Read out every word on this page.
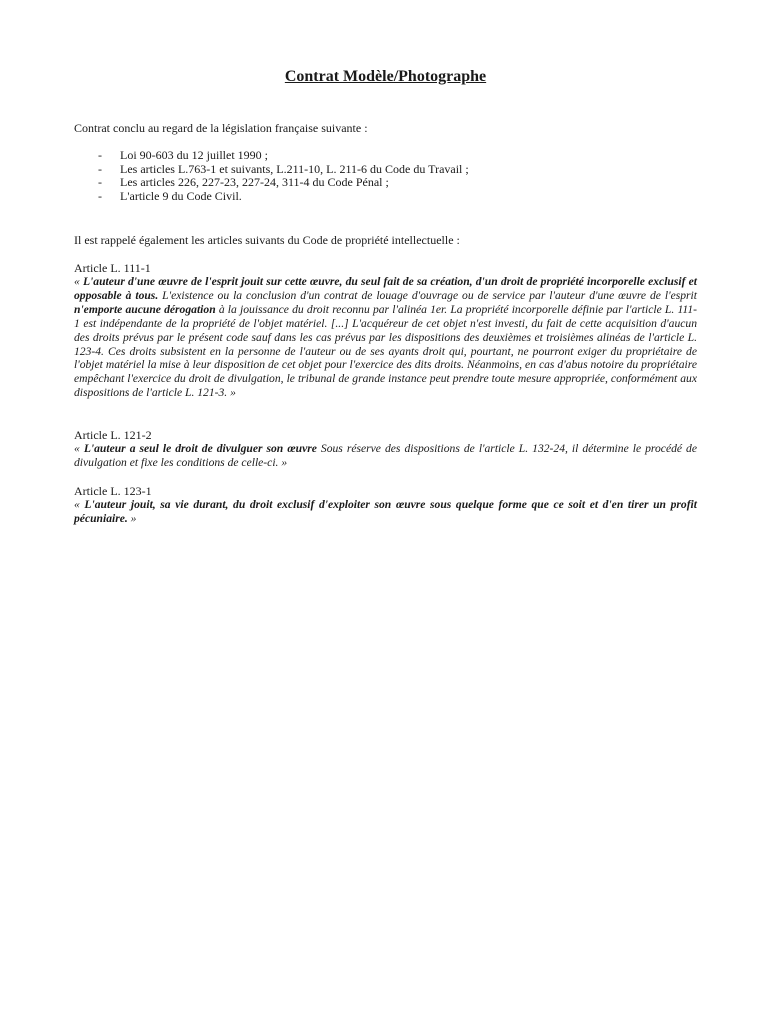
Contrat Modèle/Photographe

Contrat conclu au regard de la législation française suivante :

- Loi 90-603 du 12 juillet 1990 ;
- Les articles L.763-1 et suivants, L.211-10, L. 211-6 du Code du Travail ;
- Les articles 226, 227-23, 227-24, 311-4 du Code Pénal ;
- L'article 9 du Code Civil.

Il est rappelé également les articles suivants du Code de propriété intellectuelle :

Article L. 111-1

« L'auteur d'une œuvre de l'esprit jouit sur cette œuvre, du seul fait de sa création, d'un droit de propriété incorporelle exclusif et opposable à tous. L'existence ou la conclusion d'un contrat de louage d'ouvrage ou de service par l'auteur d'une œuvre de l'esprit n'emporte aucune dérogation à la jouissance du droit reconnu par l'alinéa 1er. La propriété incorporelle définie par l'article L. 111-1 est indépendante de la propriété de l'objet matériel. [...] L'acquéreur de cet objet n'est investi, du fait de cette acquisition d'aucun des droits prévus par le présent code sauf dans les cas prévus par les dispositions des deuxièmes et troisièmes alinéas de l'article L. 123-4. Ces droits subsistent en la personne de l'auteur ou de ses ayants droit qui, pourtant, ne pourront exiger du propriétaire de l'objet matériel la mise à leur disposition de cet objet pour l'exercice des dits droits. Néanmoins, en cas d'abus notoire du propriétaire empêchant l'exercice du droit de divulgation, le tribunal de grande instance peut prendre toute mesure appropriée, conformément aux dispositions de l'article L. 121-3. »

Article L. 121-2

« L'auteur a seul le droit de divulguer son œuvre Sous réserve des dispositions de l'article L. 132-24, il détermine le procédé de divulgation et fixe les conditions de celle-ci. »

Article L. 123-1

« L'auteur jouit, sa vie durant, du droit exclusif d'exploiter son œuvre sous quelque forme que ce soit et d'en tirer un profit pécuniaire. »
